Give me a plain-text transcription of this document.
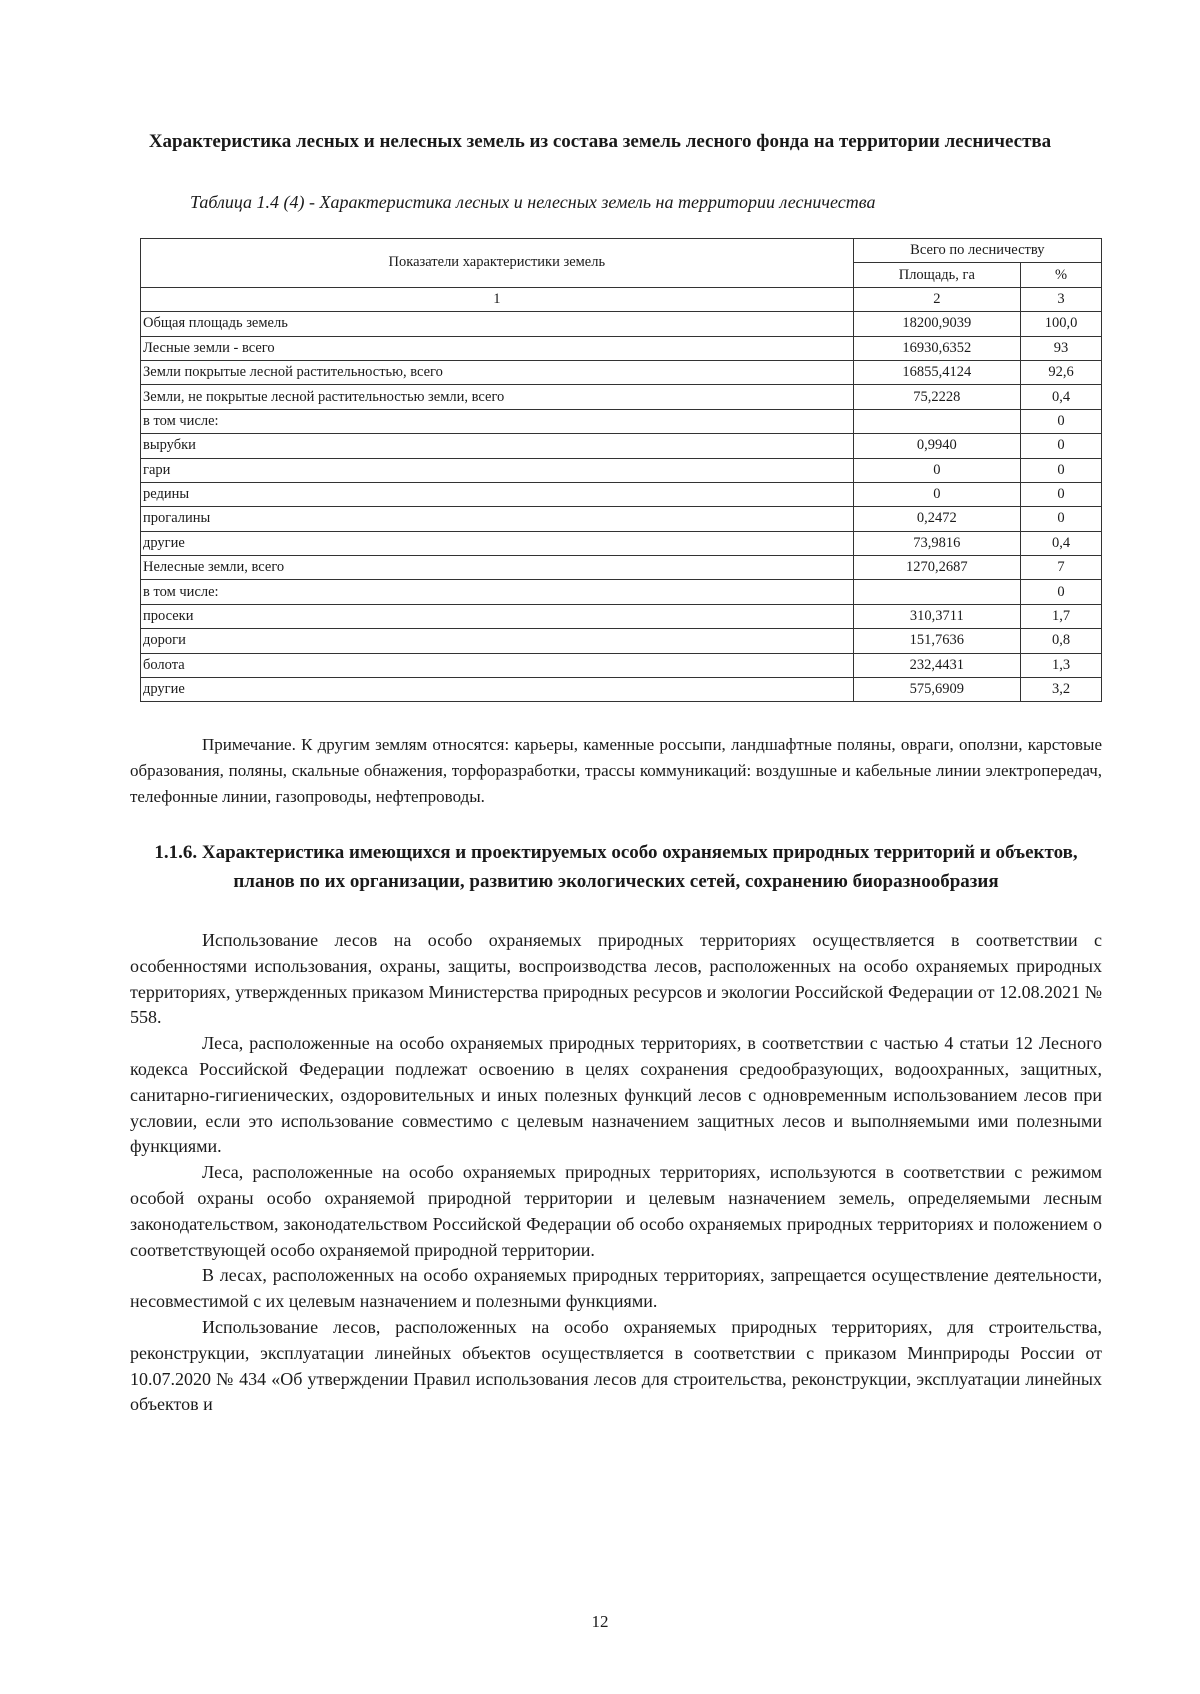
Характеристика лесных и нелесных земель из состава земель лесного фонда на территории лесничества

Таблица 1.4 (4) - Характеристика лесных и нелесных земель на территории лесничества

Показатели характеристики земель	Всего по лесничеству	
	Площадь, га	%
1	2	3
Общая площадь земель	18200,9039	100,0
Лесные земли - всего	16930,6352	93
Земли покрытые лесной растительностью, всего	16855,4124	92,6
Земли, не покрытые лесной растительностью земли, всего	75,2228	0,4
в том числе:		0
вырубки	0,9940	0
гари	0	0
редины	0	0
прогалины	0,2472	0
другие	73,9816	0,4
Нелесные земли, всего	1270,2687	7
в том числе:		0
просеки	310,3711	1,7
дороги	151,7636	0,8
болота	232,4431	1,3
другие	575,6909	3,2

Примечание. К другим землям относятся: карьеры, каменные россыпи, ландшафтные поляны, овраги, оползни, карстовые образования, поляны, скальные обнажения, торфоразработки, трассы коммуникаций: воздушные и кабельные линии электропередач, телефонные линии, газопроводы, нефтепроводы.

1.1.6. Характеристика имеющихся и проектируемых особо охраняемых природных территорий и объектов, планов по их организации, развитию экологических сетей, сохранению биоразнообразия

Использование лесов на особо охраняемых природных территориях осуществляется в соответствии с особенностями использования, охраны, защиты, воспроизводства лесов, расположенных на особо охраняемых природных территориях, утвержденных приказом Министерства природных ресурсов и экологии Российской Федерации от 12.08.2021 № 558.

Леса, расположенные на особо охраняемых природных территориях, в соответствии с частью 4 статьи 12 Лесного кодекса Российской Федерации подлежат освоению в целях сохранения средообразующих, водоохранных, защитных, санитарно-гигиенических, оздоровительных и иных полезных функций лесов с одновременным использованием лесов при условии, если это использование совместимо с целевым назначением защитных лесов и выполняемыми ими полезными функциями.

Леса, расположенные на особо охраняемых природных территориях, используются в соответствии с режимом особой охраны особо охраняемой природной территории и целевым назначением земель, определяемыми лесным законодательством, законодательством Российской Федерации об особо охраняемых природных территориях и положением о соответствующей особо охраняемой природной территории.

В лесах, расположенных на особо охраняемых природных территориях, запрещается осуществление деятельности, несовместимой с их целевым назначением и полезными функциями.

Использование лесов, расположенных на особо охраняемых природных территориях, для строительства, реконструкции, эксплуатации линейных объектов осуществляется в соответствии с приказом Минприроды России от 10.07.2020 № 434 «Об утверждении Правил использования лесов для строительства, реконструкции, эксплуатации линейных объектов и

12
